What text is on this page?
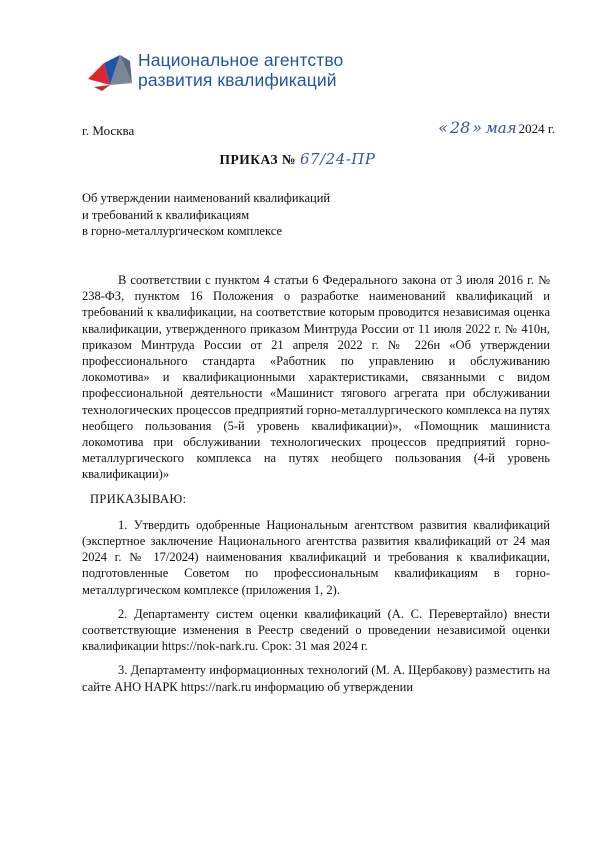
Национальное агентство
развития квалификаций
г. Москва	« 28 » мая 2024 г.
ПРИКАЗ № 67/24-ПР
Об утверждении наименований квалификаций
и требований к квалификациям
в горно-металлургическом комплексе

В соответствии с пунктом 4 статьи 6 Федерального закона от 3 июля 2016 г. № 238-ФЗ, пунктом 16 Положения о разработке наименований квалификаций и требований к квалификации, на соответствие которым проводится независимая оценка квалификации, утвержденного приказом Минтруда России от 11 июля 2022 г. № 410н, приказом Минтруда России от 21 апреля 2022 г. № 226н «Об утверждении профессионального стандарта «Работник по управлению и обслуживанию локомотива» и квалификационными характеристиками, связанными с видом профессиональной деятельности «Машинист тягового агрегата при обслуживании технологических процессов предприятий горно-металлургического комплекса на путях необщего пользования (5-й уровень квалификации)», «Помощник машиниста локомотива при обслуживании технологических процессов предприятий горно-металлургического комплекса на путях необщего пользования (4-й уровень квалификации)»

ПРИКАЗЫВАЮ:

1. Утвердить одобренные Национальным агентством развития квалификаций (экспертное заключение Национального агентства развития квалификаций от 24 мая 2024 г. № 17/2024) наименования квалификаций и требования к квалификации, подготовленные Советом по профессиональным квалификациям в горно-металлургическом комплексе (приложения 1, 2).

2. Департаменту систем оценки квалификаций (А. С. Перевертайло) внести соответствующие изменения в Реестр сведений о проведении независимой оценки квалификации https://nok-nark.ru. Срок: 31 мая 2024 г.

3. Департаменту информационных технологий (М. А. Щербакову) разместить на сайте АНО НАРК https://nark.ru информацию об утверждении
